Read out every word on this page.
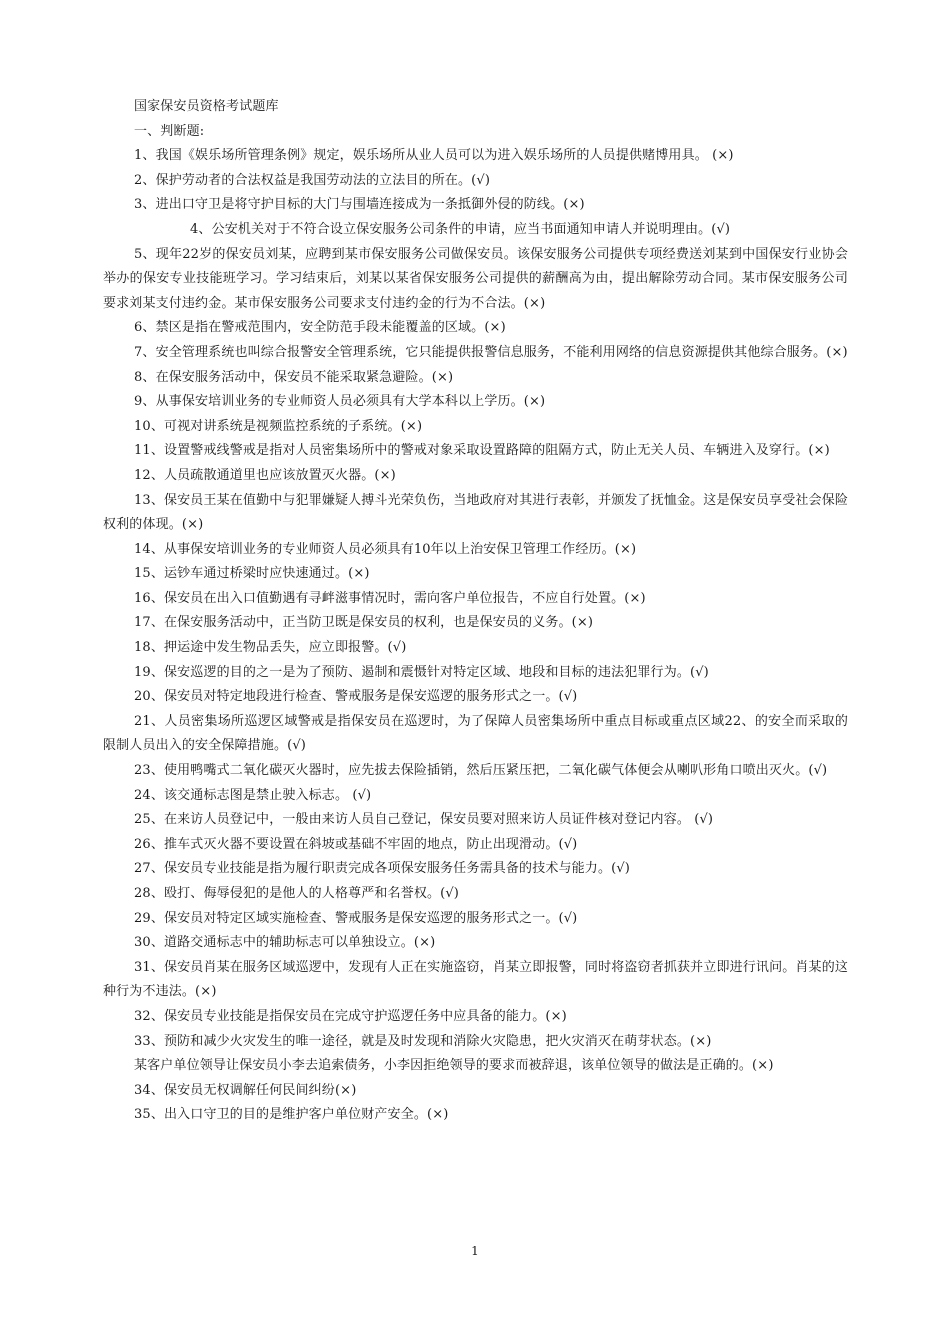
国家保安员资格考试题库

一、判断题:

1、我国《娱乐场所管理条例》规定，娱乐场所从业人员可以为进入娱乐场所的人员提供赌博用具。 (×)

2、保护劳动者的合法权益是我国劳动法的立法目的所在。(√)

3、进出口守卫是将守护目标的大门与围墙连接成为一条抵御外侵的防线。(×)

4、公安机关对于不符合设立保安服务公司条件的申请，应当书面通知申请人并说明理由。(√)

5、现年22岁的保安员刘某，应聘到某市保安服务公司做保安员。该保安服务公司提供专项经费送刘某到中国保安行业协会举办的保安专业技能班学习。学习结束后，刘某以某省保安服务公司提供的薪酬高为由，提出解除劳动合同。某市保安服务公司要求刘某支付违约金。某市保安服务公司要求支付违约金的行为不合法。(×)

6、禁区是指在警戒范围内，安全防范手段未能覆盖的区域。(×)

7、安全管理系统也叫综合报警安全管理系统，它只能提供报警信息服务，不能利用网络的信息资源提供其他综合服务。(×)

8、在保安服务活动中，保安员不能采取紧急避险。(×)

9、从事保安培训业务的专业师资人员必须具有大学本科以上学历。(×)

10、可视对讲系统是视频监控系统的子系统。(×)

11、设置警戒线警戒是指对人员密集场所中的警戒对象采取设置路障的阻隔方式，防止无关人员、车辆进入及穿行。(×)

12、人员疏散通道里也应该放置灭火器。(×)

13、保安员王某在值勤中与犯罪嫌疑人搏斗光荣负伤，当地政府对其进行表彰，并颁发了抚恤金。这是保安员享受社会保险权利的体现。(×)

14、从事保安培训业务的专业师资人员必须具有10年以上治安保卫管理工作经历。(×)

15、运钞车通过桥梁时应快速通过。(×)

16、保安员在出入口值勤遇有寻衅滋事情况时，需向客户单位报告，不应自行处置。(×)

17、在保安服务活动中，正当防卫既是保安员的权利，也是保安员的义务。(×)

18、押运途中发生物品丢失，应立即报警。(√)

19、保安巡逻的目的之一是为了预防、遏制和震慑针对特定区域、地段和目标的违法犯罪行为。(√)

20、保安员对特定地段进行检查、警戒服务是保安巡逻的服务形式之一。(√)

21、人员密集场所巡逻区域警戒是指保安员在巡逻时，为了保障人员密集场所中重点目标或重点区域22、的安全而采取的限制人员出入的安全保障措施。(√)

23、使用鸭嘴式二氧化碳灭火器时，应先拔去保险插销，然后压紧压把，二氧化碳气体便会从喇叭形角口喷出灭火。(√)

24、该交通标志图是禁止驶入标志。 (√)

25、在来访人员登记中，一般由来访人员自己登记，保安员要对照来访人员证件核对登记内容。 (√)

26、推车式灭火器不要设置在斜坡或基础不牢固的地点，防止出现滑动。(√)

27、保安员专业技能是指为履行职责完成各项保安服务任务需具备的技术与能力。(√)

28、殴打、侮辱侵犯的是他人的人格尊严和名誉权。(√)

29、保安员对特定区域实施检查、警戒服务是保安巡逻的服务形式之一。(√)

30、道路交通标志中的辅助标志可以单独设立。(×)

31、保安员肖某在服务区域巡逻中，发现有人正在实施盗窃，肖某立即报警，同时将盗窃者抓获并立即进行讯问。肖某的这种行为不违法。(×)

32、保安员专业技能是指保安员在完成守护巡逻任务中应具备的能力。(×)

33、预防和减少火灾发生的唯一途径，就是及时发现和消除火灾隐患，把火灾消灭在萌芽状态。(×)

某客户单位领导让保安员小李去追索债务，小李因拒绝领导的要求而被辞退，该单位领导的做法是正确的。(×)

34、保安员无权调解任何民间纠纷(×)

35、出入口守卫的目的是维护客户单位财产安全。(×)

1
